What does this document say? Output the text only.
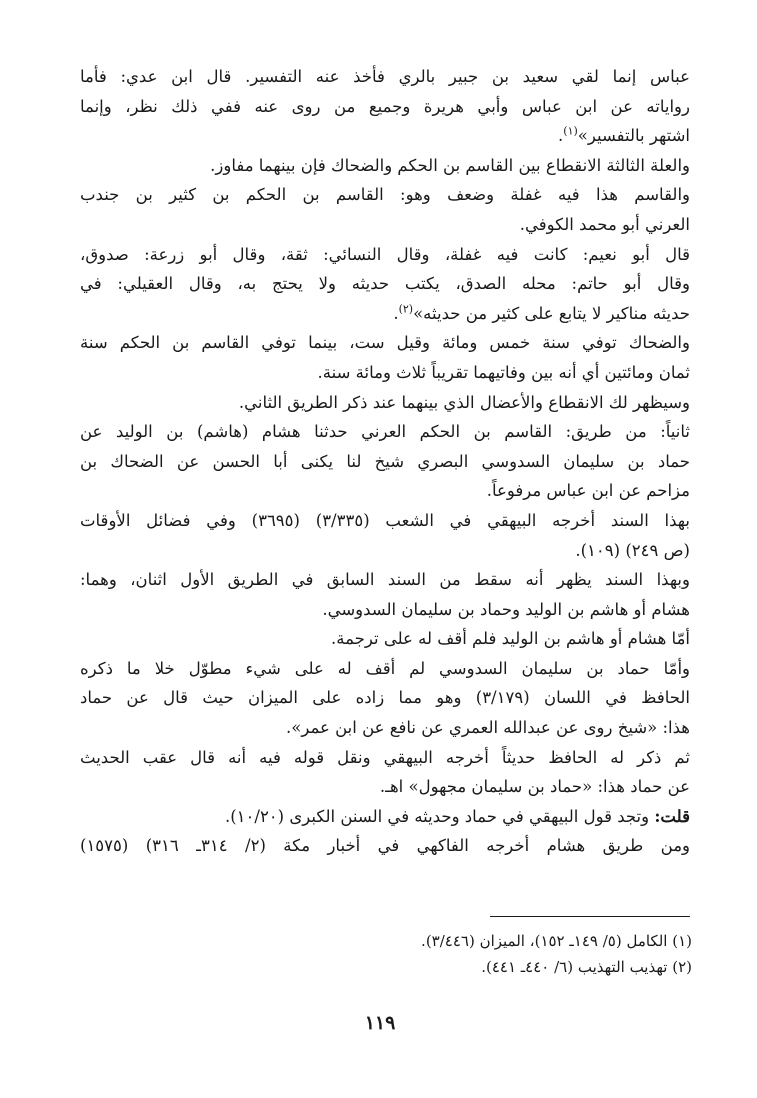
عباس إنما لقي سعيد بن جبير بالري فأخذ عنه التفسير. قال ابن عدي: فأما
رواياته عن ابن عباس وأبي هريرة وجميع من روى عنه ففي ذلك نظر، وإنما
اشتهر بالتفسير»$^{(١)}$.
والعلة الثالثة الانقطاع بين القاسم بن الحكم والضحاك فإن بينهما مفاوز.
والقاسم هذا فيه غفلة وضعف وهو: القاسم بن الحكم بن كثير بن جندب
العرني أبو محمد الكوفي.
قال أبو نعيم: كانت فيه غفلة، وقال النسائي: ثقة، وقال أبو زرعة: صدوق،
وقال أبو حاتم: محله الصدق، يكتب حديثه ولا يحتج به، وقال العقيلي: في
حديثه مناكير لا يتابع على كثير من حديثه»$^{(٢)}$.
والضحاك توفي سنة خمس ومائة وقيل ست، بينما توفي القاسم بن الحكم سنة
ثمان ومائتين أي أنه بين وفاتيهما تقريباً ثلاث ومائة سنة.
وسيظهر لك الانقطاع والأعضال الذي بينهما عند ذكر الطريق الثاني.
ثانياً: من طريق: القاسم بن الحكم العرني حدثنا هشام (هاشم) بن الوليد عن
حماد بن سليمان السدوسي البصري شيخ لنا يكنى أبا الحسن عن الضحاك بن
مزاحم عن ابن عباس مرفوعاً.
بهذا السند أخرجه البيهقي في الشعب (٣/٣٣٥) (٣٦٩٥) وفي فضائل الأوقات
(ص ٢٤٩) (١٠٩).
وبهذا السند يظهر أنه سقط من السند السابق في الطريق الأول اثنان، وهما:
هشام أو هاشم بن الوليد وحماد بن سليمان السدوسي.
أمّا هشام أو هاشم بن الوليد فلم أقف له على ترجمة.
وأمّا حماد بن سليمان السدوسي لم أقف له على شيء مطوّل خلا ما ذكره
الحافظ في اللسان (٣/١٧٩) وهو مما زاده على الميزان حيث قال عن حماد
هذا: «شيخ روى عن عبدالله العمري عن نافع عن ابن عمر».
ثم ذكر له الحافظ حديثاً أخرجه البيهقي ونقل قوله فيه أنه قال عقب الحديث
عن حماد هذا: «حماد بن سليمان مجهول» اهـ.
قلت: وتجد قول البيهقي في حماد وحديثه في السنن الكبرى (١٠/٢٠).
ومن طريق هشام أخرجه الفاكهي في أخبار مكة (٢/ ٣١٤ـ ٣١٦) (١٥٧٥)
(١) الكامل (٥/ ١٤٩ـ ١٥٢)، الميزان (٣/٤٤٦).
(٢) تهذيب التهذيب (٦/ ٤٤٠ـ ٤٤١).
١١٩
